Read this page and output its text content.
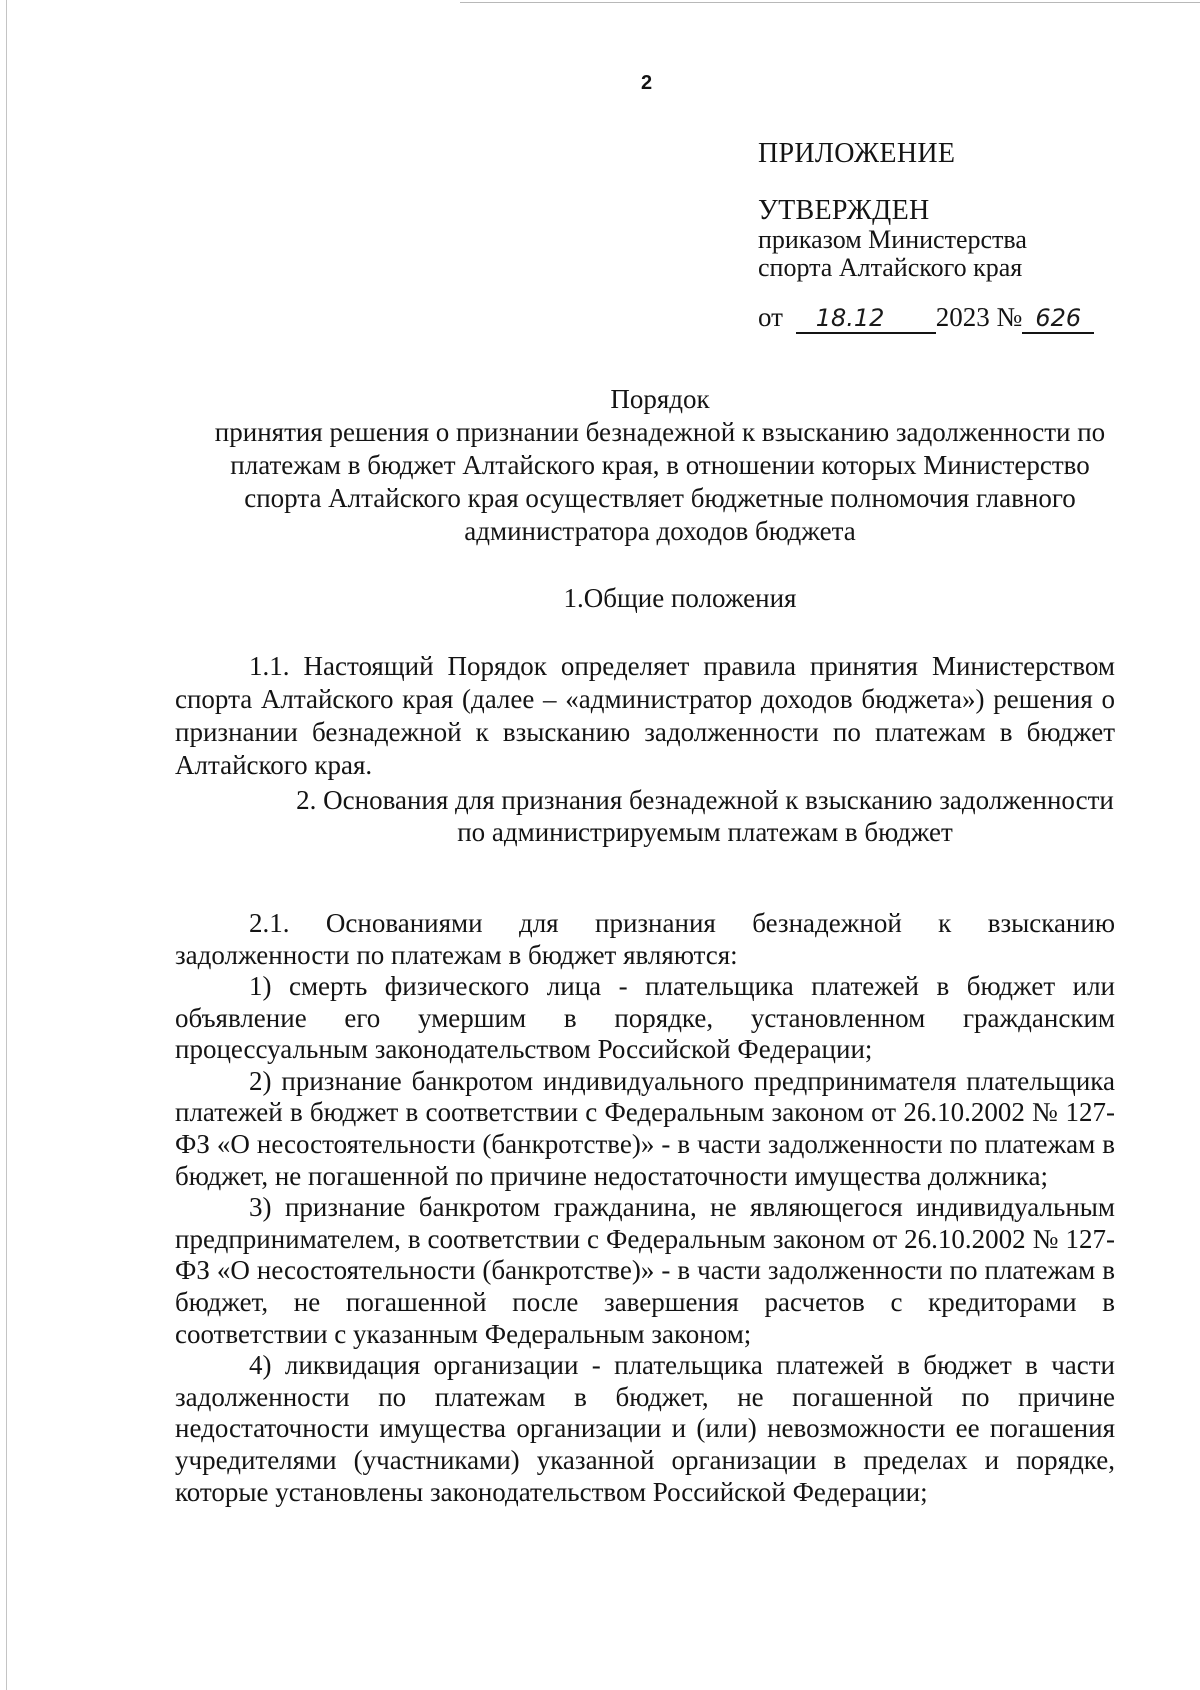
2
ПРИЛОЖЕНИЕ
УТВЕРЖДЕН
приказом Министерства
спорта Алтайского края
от 18.12 2023 № 626
Порядок
принятия решения о признании безнадежной к взысканию задолженности по
платежам в бюджет Алтайского края, в отношении которых Министерство
спорта Алтайского края осуществляет бюджетные полномочия главного
администратора доходов бюджета
1.Общие положения

1.1. Настоящий Порядок определяет правила принятия Министерством спорта Алтайского края (далее – «администратор доходов бюджета») решения о признании безнадежной к взысканию задолженности по платежам в бюджет Алтайского края.

2. Основания для признания безнадежной к взысканию задолженности
по администрируемым платежам в бюджет

2.1. Основаниями для признания безнадежной к взысканию задолженности по платежам в бюджет являются:

1) смерть физического лица - плательщика платежей в бюджет или объявление его умершим в порядке, установленном гражданским процессуальным законодательством Российской Федерации;

2) признание банкротом индивидуального предпринимателя плательщика платежей в бюджет в соответствии с Федеральным законом от 26.10.2002 № 127-ФЗ «О несостоятельности (банкротстве)» - в части задолженности по платежам в бюджет, не погашенной по причине недостаточности имущества должника;

3) признание банкротом гражданина, не являющегося индивидуальным предпринимателем, в соответствии с Федеральным законом от 26.10.2002 № 127-ФЗ «О несостоятельности (банкротстве)» - в части задолженности по платежам в бюджет, не погашенной после завершения расчетов с кредиторами в соответствии с указанным Федеральным законом;

4) ликвидация организации - плательщика платежей в бюджет в части задолженности по платежам в бюджет, не погашенной по причине недостаточности имущества организации и (или) невозможности ее погашения учредителями (участниками) указанной организации в пределах и порядке, которые установлены законодательством Российской Федерации;
